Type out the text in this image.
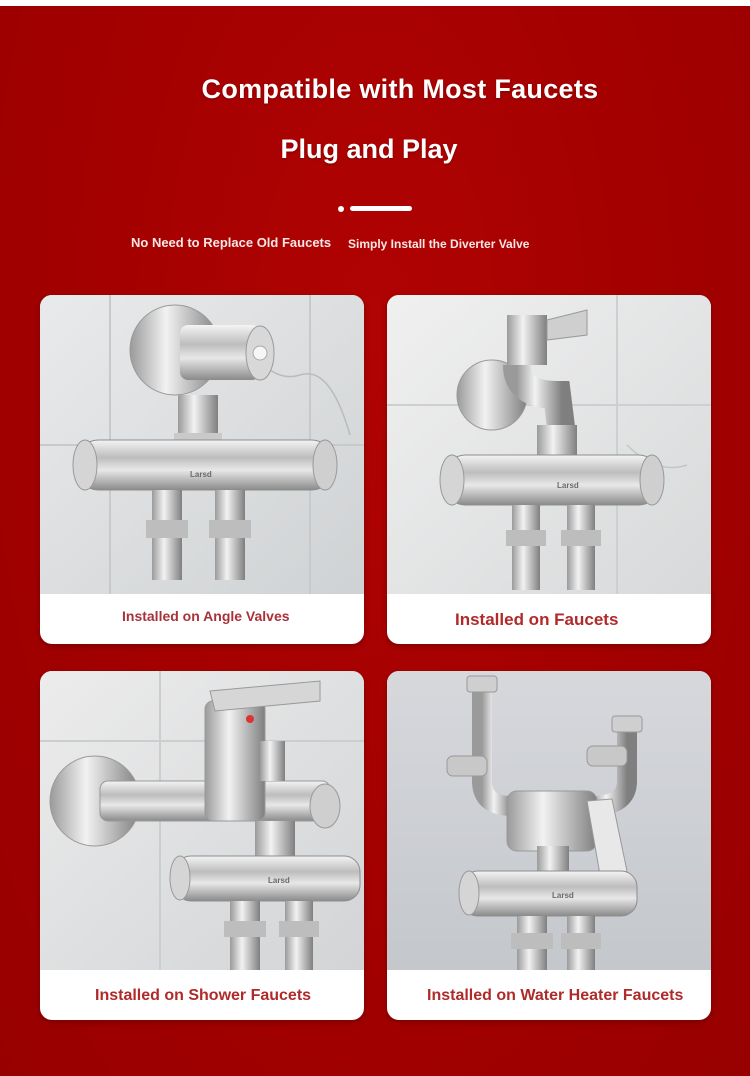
Compatible with Most Faucets
Plug and Play
No Need to Replace Old Faucets Simply Install the Diverter Valve
Larsd
Installed on Angle Valves
Larsd
Installed on Faucets
Larsd
Installed on Shower Faucets
Larsd
Installed on Water Heater Faucets
